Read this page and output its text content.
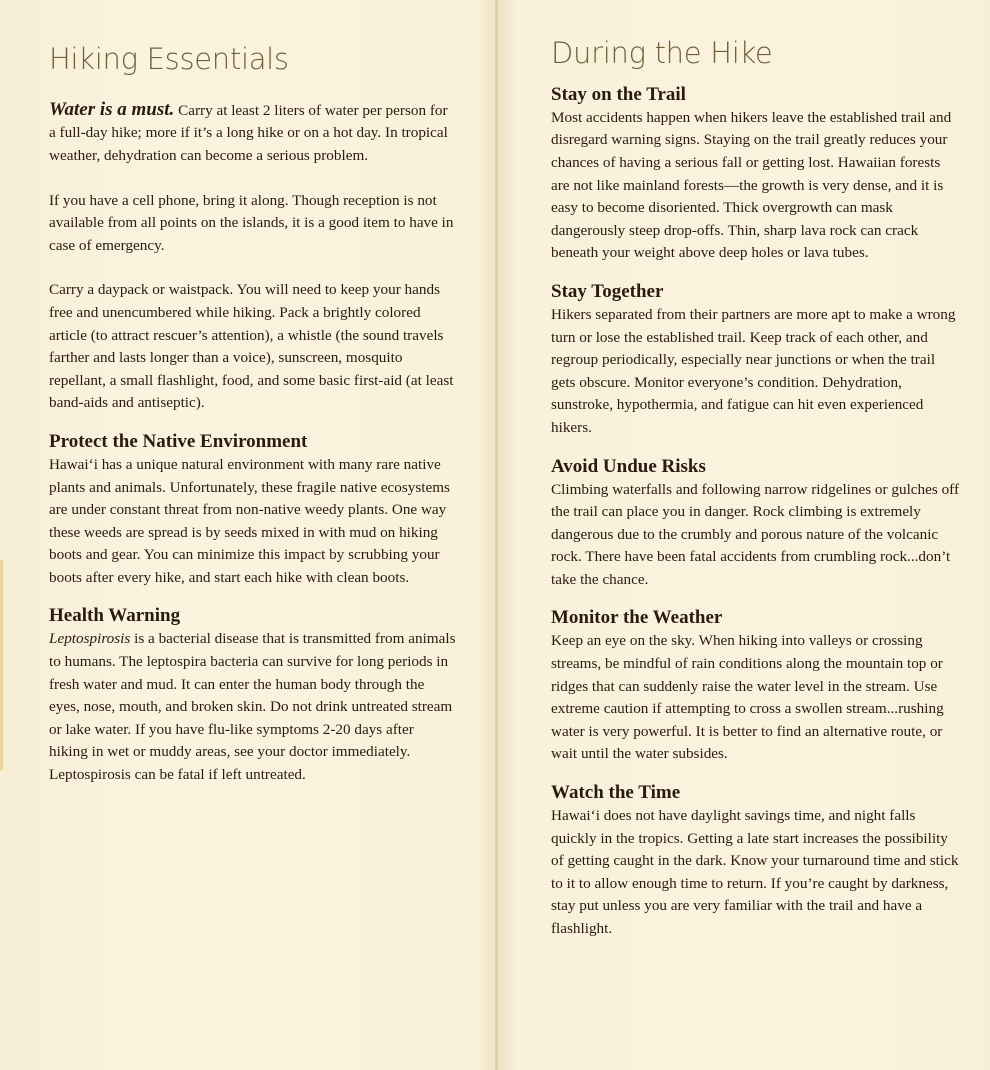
Hiking Essentials

Water is a must. Carry at least 2 liters of water per person for a full-day hike; more if it’s a long hike or on a hot day. In tropical weather, dehydration can become a serious problem.

If you have a cell phone, bring it along. Though reception is not available from all points on the islands, it is a good item to have in case of emergency.

Carry a daypack or waistpack. You will need to keep your hands free and unencumbered while hiking. Pack a brightly colored article (to attract rescuer’s attention), a whistle (the sound travels farther and lasts longer than a voice), sunscreen, mosquito repellant, a small flashlight, food, and some basic first-aid (at least band-aids and antiseptic).

Protect the Native Environment

Hawai‘i has a unique natural environment with many rare native plants and animals. Unfortunately, these fragile native ecosystems are under constant threat from non-native weedy plants. One way these weeds are spread is by seeds mixed in with mud on hiking boots and gear. You can minimize this impact by scrubbing your boots after every hike, and start each hike with clean boots.

Health Warning

Leptospirosis is a bacterial disease that is transmitted from animals to humans. The leptospira bacteria can survive for long periods in fresh water and mud. It can enter the human body through the eyes, nose, mouth, and broken skin. Do not drink untreated stream or lake water. If you have flu-like symptoms 2-20 days after hiking in wet or muddy areas, see your doctor immediately. Leptospirosis can be fatal if left untreated.

During the Hike
Stay on the Trail

Most accidents happen when hikers leave the established trail and disregard warning signs. Staying on the trail greatly reduces your chances of having a serious fall or getting lost. Hawaiian forests are not like mainland forests—the growth is very dense, and it is easy to become disoriented. Thick overgrowth can mask dangerously steep drop-offs. Thin, sharp lava rock can crack beneath your weight above deep holes or lava tubes.

Stay Together

Hikers separated from their partners are more apt to make a wrong turn or lose the established trail. Keep track of each other, and regroup periodically, especially near junctions or when the trail gets obscure. Monitor everyone’s condition. Dehydration, sunstroke, hypothermia, and fatigue can hit even experienced hikers.

Avoid Undue Risks

Climbing waterfalls and following narrow ridgelines or gulches off the trail can place you in danger. Rock climbing is extremely dangerous due to the crumbly and porous nature of the volcanic rock. There have been fatal accidents from crumbling rock...don’t take the chance.

Monitor the Weather

Keep an eye on the sky. When hiking into valleys or crossing streams, be mindful of rain conditions along the mountain top or ridges that can suddenly raise the water level in the stream. Use extreme caution if attempting to cross a swollen stream...rushing water is very powerful. It is better to find an alternative route, or wait until the water subsides.

Watch the Time

Hawai‘i does not have daylight savings time, and night falls quickly in the tropics. Getting a late start increases the possibility of getting caught in the dark. Know your turnaround time and stick to it to allow enough time to return. If you’re caught by darkness, stay put unless you are very familiar with the trail and have a flashlight.
